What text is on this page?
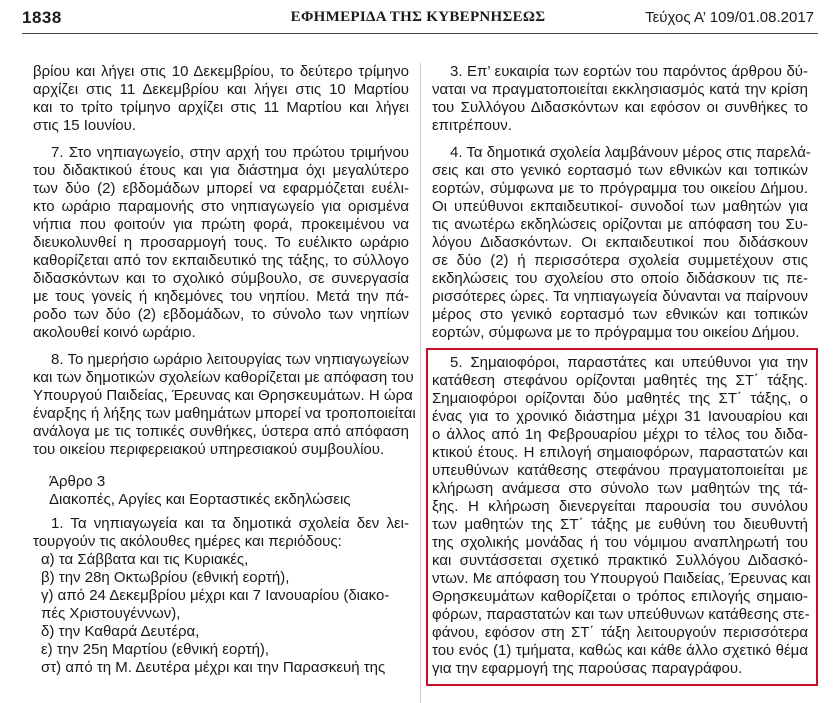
1838	ΕΦΗΜΕΡΙΔΑ ΤΗΣ ΚΥΒΕΡΝΗΣΕΩΣ	Τεύχος Α’ 109/01.08.2017
βρίου και λήγει στις 10 Δεκεμβρίου, το δεύτερο τρίμηνο
αρχίζει στις 11 Δεκεμβρίου και λήγει στις 10 Μαρτίου
και το τρίτο τρίμηνο αρχίζει στις 11 Μαρτίου και λήγει
στις 15 Ιουνίου.
7. Στο νηπιαγωγείο, στην αρχή του πρώτου τριμήνου
του διδακτικού έτους και για διάστημα όχι μεγαλύτερο
των δύο (2) εβδομάδων μπορεί να εφαρμόζεται ευέλι-
κτο ωράριο παραμονής στο νηπιαγωγείο για ορισμένα
νήπια που φοιτούν για πρώτη φορά, προκειμένου να
διευκολυνθεί η προσαρμογή τους. Το ευέλικτο ωράριο
καθορίζεται από τον εκπαιδευτικό της τάξης, το σύλλογο
διδασκόντων και το σχολικό σύμβουλο, σε συνεργασία
με τους γονείς ή κηδεμόνες του νηπίου. Μετά την πά-
ροδο των δύο (2) εβδομάδων, το σύνολο των νηπίων
ακολουθεί κοινό ωράριο.
8. Το ημερήσιο ωράριο λειτουργίας των νηπιαγωγείων
και των δημοτικών σχολείων καθορίζεται με απόφαση του
Υπουργού Παιδείας, Έρευνας και Θρησκευμάτων. Η ώρα
έναρξης ή λήξης των μαθημάτων μπορεί να τροποποιείται
ανάλογα με τις τοπικές συνθήκες, ύστερα από απόφαση
του οικείου περιφερειακού υπηρεσιακού συμβουλίου.
Άρθρο 3
Διακοπές, Αργίες και Εορταστικές εκδηλώσεις
1. Τα νηπιαγωγεία και τα δημοτικά σχολεία δεν λει-
τουργούν τις ακόλουθες ημέρες και περιόδους:
α) τα Σάββατα και τις Κυριακές,
β) την 28η Οκτωβρίου (εθνική εορτή),
γ) από 24 Δεκεμβρίου μέχρι και 7 Ιανουαρίου (διακο-
πές Χριστουγέννων),
δ) την Καθαρά Δευτέρα,
ε) την 25η Μαρτίου (εθνική εορτή),
στ) από τη Μ. Δευτέρα μέχρι και την Παρασκευή της
3. Επ’ ευκαιρία των εορτών του παρόντος άρθρου δύ-
ναται να πραγματοποιείται εκκλησιασμός κατά την κρίση
του Συλλόγου Διδασκόντων και εφόσον οι συνθήκες το
επιτρέπουν.
4. Τα δημοτικά σχολεία λαμβάνουν μέρος στις παρελά-
σεις και στο γενικό εορτασμό των εθνικών και τοπικών
εορτών, σύμφωνα με το πρόγραμμα του οικείου Δήμου.
Οι υπεύθυνοι εκπαιδευτικοί- συνοδοί των μαθητών για
τις ανωτέρω εκδηλώσεις ορίζονται με απόφαση του Συ-
λόγου Διδασκόντων. Οι εκπαιδευτικοί που διδάσκουν
σε δύο (2) ή περισσότερα σχολεία συμμετέχουν στις
εκδηλώσεις του σχολείου στο οποίο διδάσκουν τις πε-
ρισσότερες ώρες. Τα νηπιαγωγεία δύνανται να παίρνουν
μέρος στο γενικό εορτασμό των εθνικών και τοπικών
εορτών, σύμφωνα με το πρόγραμμα του οικείου Δήμου.
5. Σημαιοφόροι, παραστάτες και υπεύθυνοι για την
κατάθεση στεφάνου ορίζονται μαθητές της ΣΤ΄ τάξης.
Σημαιοφόροι ορίζονται δύο μαθητές της ΣΤ΄ τάξης, ο
ένας για το χρονικό διάστημα μέχρι 31 Ιανουαρίου και
ο άλλος από 1η Φεβρουαρίου μέχρι το τέλος του διδα-
κτικού έτους. Η επιλογή σημαιοφόρων, παραστατών και
υπευθύνων κατάθεσης στεφάνου πραγματοποιείται με
κλήρωση ανάμεσα στο σύνολο των μαθητών της τά-
ξης. Η κλήρωση διενεργείται παρουσία του συνόλου
των μαθητών της ΣΤ΄ τάξης με ευθύνη του διευθυντή
της σχολικής μονάδας ή του νόμιμου αναπληρωτή του
και συντάσσεται σχετικό πρακτικό Συλλόγου Διδασκό-
ντων. Με απόφαση του Υπουργού Παιδείας, Έρευνας και
Θρησκευμάτων καθορίζεται ο τρόπος επιλογής σημαιο-
φόρων, παραστατών και των υπεύθυνων κατάθεσης στε-
φάνου, εφόσον στη ΣΤ΄ τάξη λειτουργούν περισσότερα
του ενός (1) τμήματα, καθώς και κάθε άλλο σχετικό θέμα
για την εφαρμογή της παρούσας παραγράφου.
